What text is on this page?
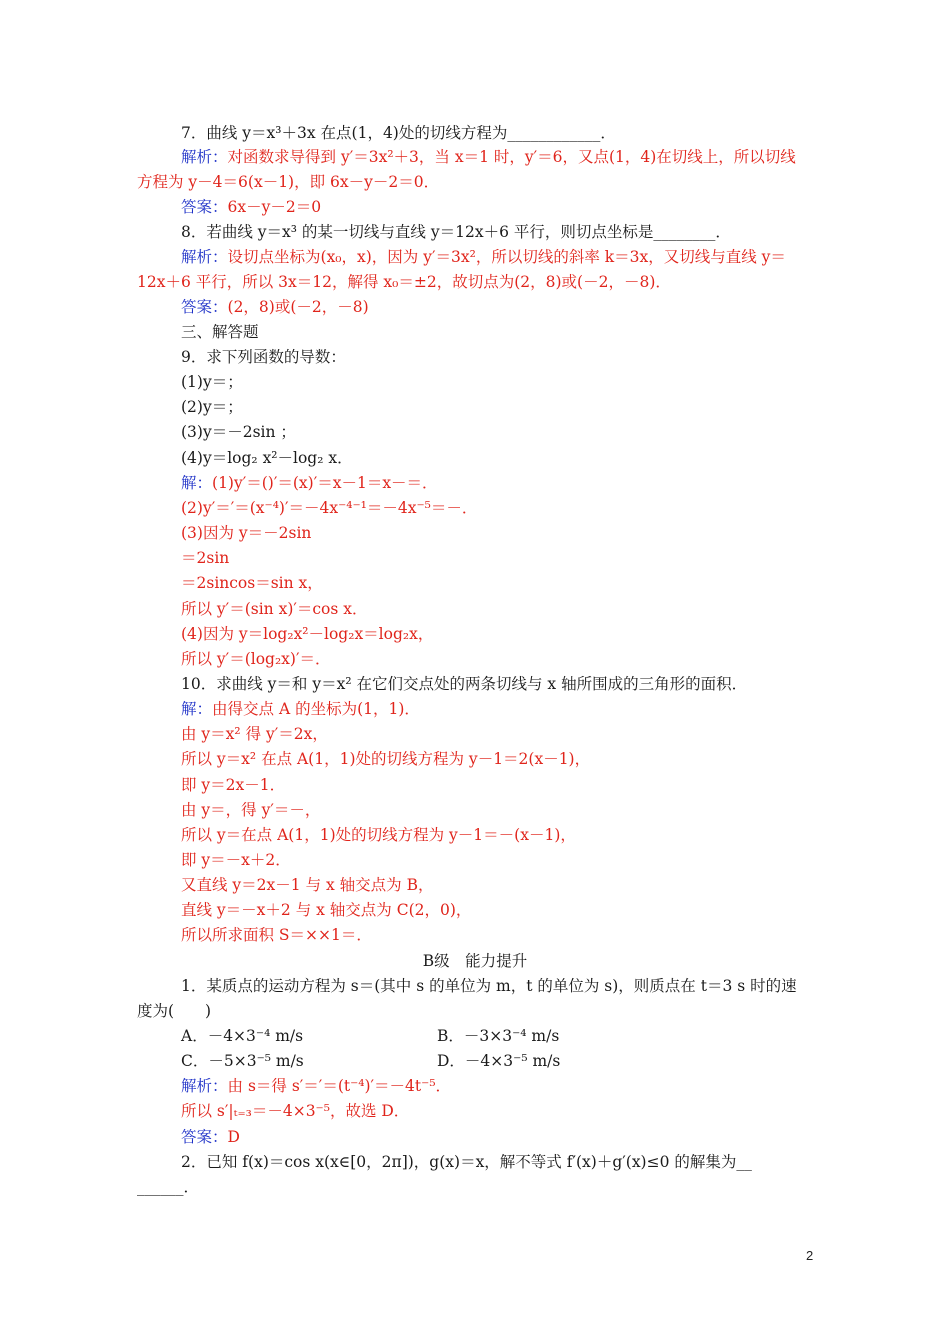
2
7．曲线 y＝x³＋3x 在点(1，4)处的切线方程为____________．
解析：对函数求导得到 y′＝3x²＋3，当 x＝1 时，y′＝6，又点(1，4)在切线上，所以切线
方程为 y－4＝6(x－1)，即 6x－y－2＝0．
答案：6x－y－2＝0
8．若曲线 y＝x³ 的某一切线与直线 y＝12x＋6 平行，则切点坐标是________．
解析：设切点坐标为(x₀，x)，因为 y′＝3x²，所以切线的斜率 k＝3x，又切线与直线 y＝
12x＋6 平行，所以 3x＝12，解得 x₀＝±2，故切点为(2，8)或(－2，－8)．
答案：(2，8)或(－2，－8)
三、解答题
9．求下列函数的导数：
(1)y＝；
(2)y＝；
(3)y＝－2sin ；
(4)y＝log₂ x²－log₂ x．
解：(1)y′＝()′＝(x)′＝x－1＝x－＝．
(2)y′＝′＝(x⁻⁴)′＝－4x⁻⁴⁻¹＝－4x⁻⁵＝－．
(3)因为 y＝－2sin
＝2sin
＝2sincos＝sin x，
所以 y′＝(sin x)′＝cos x．
(4)因为 y＝log₂x²－log₂x＝log₂x，
所以 y′＝(log₂x)′＝．
10．求曲线 y＝和 y＝x² 在它们交点处的两条切线与 x 轴所围成的三角形的面积．
解：由得交点 A 的坐标为(1，1)．
由 y＝x² 得 y′＝2x，
所以 y＝x² 在点 A(1，1)处的切线方程为 y－1＝2(x－1)，
即 y＝2x－1．
由 y＝，得 y′＝－，
所以 y＝在点 A(1，1)处的切线方程为 y－1＝－(x－1)，
即 y＝－x＋2．
又直线 y＝2x－1 与 x 轴交点为 B，
直线 y＝－x＋2 与 x 轴交点为 C(2，0)，
所以所求面积 S＝××1＝．
B级　能力提升
1．某质点的运动方程为 s＝(其中 s 的单位为 m，t 的单位为 s)，则质点在 t＝3 s 时的速
度为(　　)
A．－4×3⁻⁴ m/s	B．－3×3⁻⁴ m/s
C．－5×3⁻⁵ m/s	D．－4×3⁻⁵ m/s
解析：由 s＝得 s′＝′＝(t⁻⁴)′＝－4t⁻⁵．
所以 s′|ₜ₌₃＝－4×3⁻⁵，故选 D．
答案：D
2．已知 f(x)＝cos x(x∈[0，2π])，g(x)＝x，解不等式 f′(x)＋g′(x)≤0 的解集为__
______．
